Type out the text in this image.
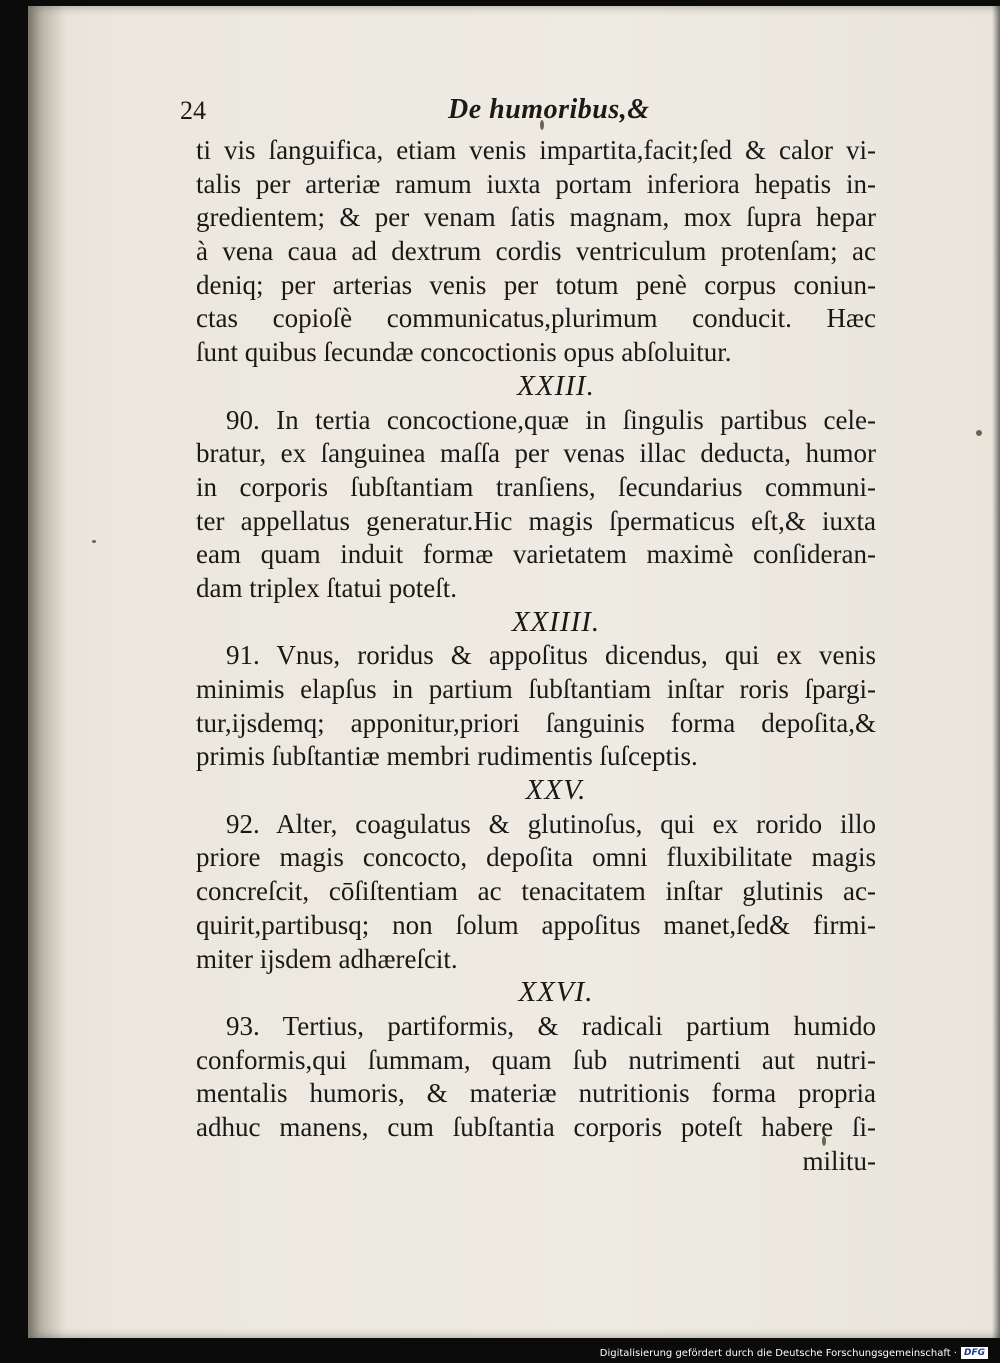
24	De humoribus,&
ti vis ſanguifica, etiam venis impartita,facit;ſed & calor vi-
talis per arteriæ ramum iuxta portam inferiora hepatis in-
gredientem; & per venam ſatis magnam, mox ſupra hepar
à vena caua ad dextrum cordis ventriculum protenſam; ac
deniq; per arterias venis per totum penè corpus coniun-
ctas copioſè communicatus,plurimum conducit. Hæc
ſunt quibus ſecundæ concoctionis opus abſoluitur.
XXIII.
90. In tertia concoctione,quæ in ſingulis partibus cele-
bratur, ex ſanguinea maſſa per venas illac deducta, humor
in corporis ſubſtantiam tranſiens, ſecundarius communi-
ter appellatus generatur.Hic magis ſpermaticus eſt,& iuxta
eam quam induit formæ varietatem maximè conſideran-
dam triplex ſtatui poteſt.
XXIIII.
91. Vnus, roridus & appoſitus dicendus, qui ex venis
minimis elapſus in partium ſubſtantiam inſtar roris ſpargi-
tur,ijsdemq; apponitur,priori ſanguinis forma depoſita,&
primis ſubſtantiæ membri rudimentis ſuſceptis.
XXV.
92. Alter, coagulatus & glutinoſus, qui ex rorido illo
priore magis concocto, depoſita omni fluxibilitate magis
concreſcit, cōſiſtentiam ac tenacitatem inſtar glutinis ac-
quirit,partibusq; non ſolum appoſitus manet,ſed& firmi-
miter ijsdem adhæreſcit.
XXVI.
93. Tertius, partiformis, & radicali partium humido
conformis,qui ſummam, quam ſub nutrimenti aut nutri-
mentalis humoris, & materiæ nutritionis forma propria
adhuc manens, cum ſubſtantia corporis poteſt habere ſi-
militu-
Digitalisierung gefördert durch die Deutsche Forschungsgemeinschaft · DFG
